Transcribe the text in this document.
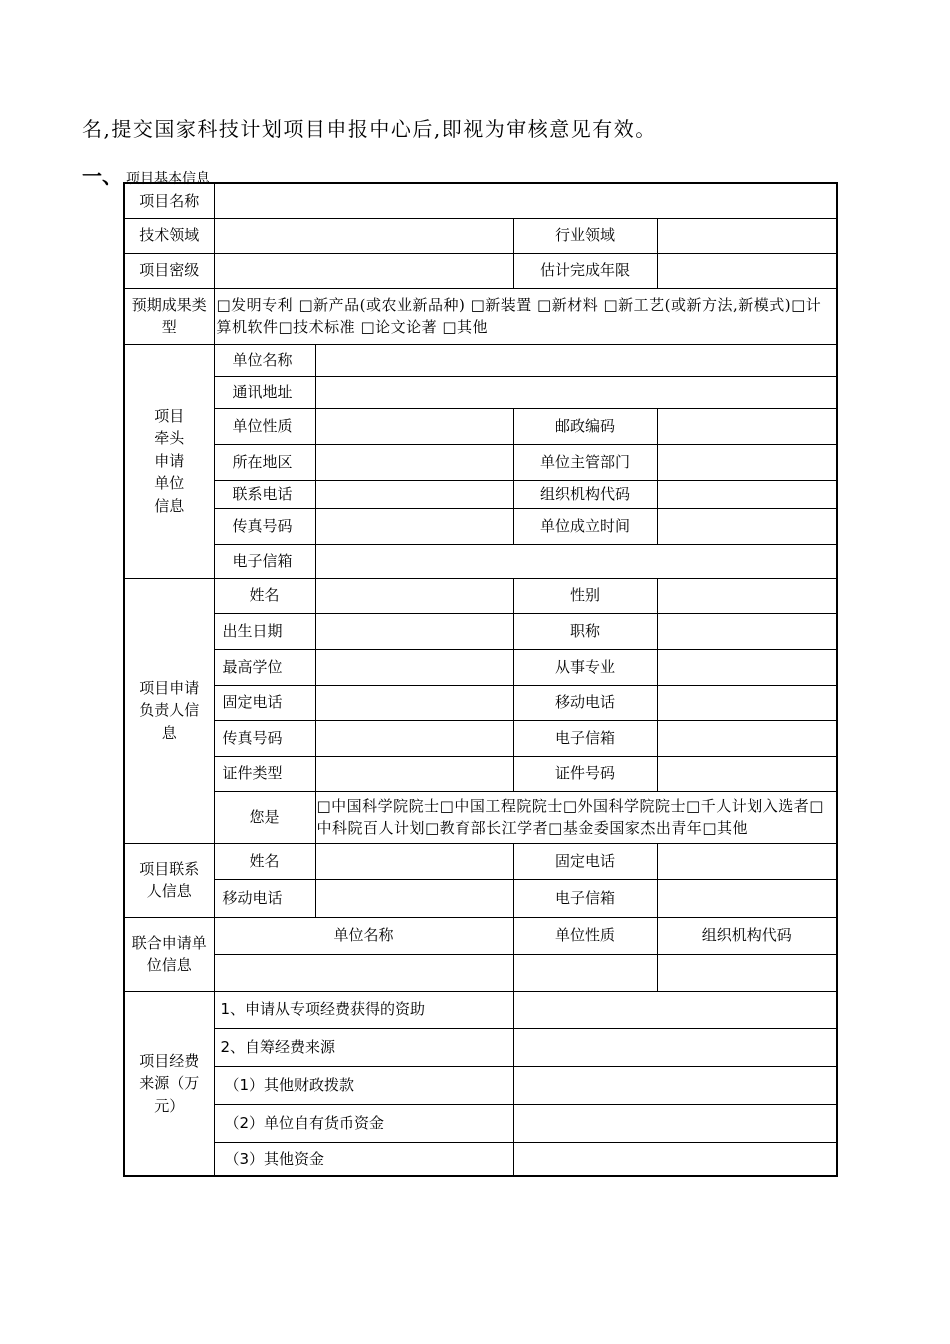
名,提交国家科技计划项目申报中心后,即视为审核意见有效。
一、 项目基本信息
项目名称				
技术领域			行业领域	
项目密级			估计完成年限	
预期成果类型	□发明专利 □新产品(或农业新品种) □新装置 □新材料 □新工艺(或新方法,新模式)□计算机软件□技术标准 □论文论著 □其他			
项目牵头申请单位信息	单位名称			
	通讯地址			
	单位性质		邮政编码	
	所在地区		单位主管部门	
	联系电话		组织机构代码	
	传真号码		单位成立时间	
	电子信箱			
项目申请负责人信息	姓名		性别	
	出生日期		职称	
	最高学位		从事专业	
	固定电话		移动电话	
	传真号码		电子信箱	
	证件类型		证件号码	
	您是	□中国科学院院士□中国工程院院士□外国科学院院士□千人计划入选者□中科院百人计划□教育部长江学者□基金委国家杰出青年□其他		
项目联系人信息	姓名		固定电话	
	移动电话		电子信箱	
联合申请单位信息	单位名称		单位性质	组织机构代码

项目经费来源（万元）	1、申请从专项经费获得的资助			
	2、自筹经费来源			
	（1）其他财政拨款			
	（2）单位自有货币资金			
	（3）其他资金			
